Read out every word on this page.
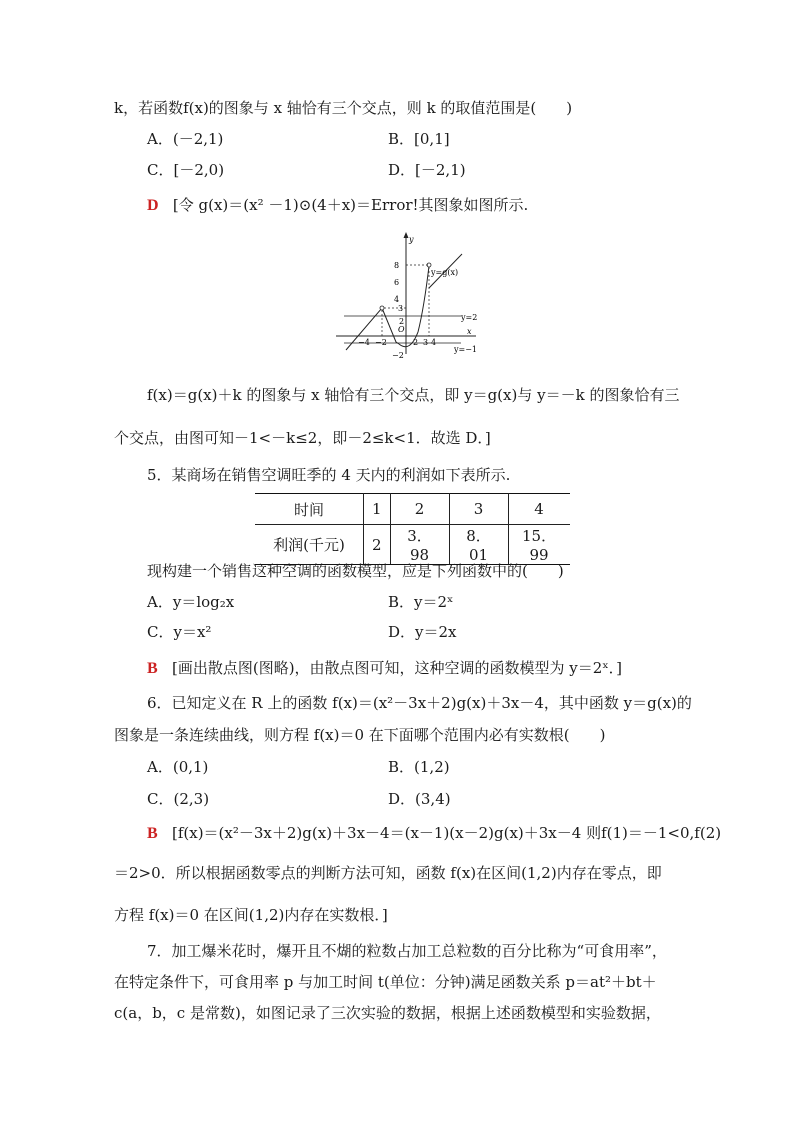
k，若函数f(x)的图象与 x 轴恰有三个交点，则 k 的取值范围是(　　)
A．(－2,1)	B．[0,1]
C．[－2,0)	D．[－2,1)
D [令 g(x)＝(x² －1)⊙(4＋x)＝Error!其图象如图所示.
y
x
O
y=2
y=−1
y=g(x)
8
6
4
3
2
−2
−4 −2	2 3 4
f(x)＝g(x)＋k 的图象与 x 轴恰有三个交点，即 y＝g(x)与 y＝－k 的图象恰有三
个交点，由图可知－1<－k≤2，即－2≤k<1．故选 D．]
5．某商场在销售空调旺季的 4 天内的利润如下表所示.
时间	1	2	3	4
利润(千元)	2	3．98	8．01	15．99
现构建一个销售这种空调的函数模型，应是下列函数中的(　　)
A．y＝log₂x	B．y＝2ˣ
C．y＝x²	D．y＝2x
B [画出散点图(图略)，由散点图可知，这种空调的函数模型为 y＝2ˣ．]
6．已知定义在 R 上的函数 f(x)＝(x²－3x＋2)g(x)＋3x－4，其中函数 y＝g(x)的
图象是一条连续曲线，则方程 f(x)＝0 在下面哪个范围内必有实数根(　　)
A．(0,1)	B．(1,2)
C．(2,3)	D．(3,4)
B [f(x)＝(x²－3x＋2)g(x)＋3x－4＝(x－1)(x－2)g(x)＋3x－4 则f(1)＝－1<0,f(2)
＝2>0．所以根据函数零点的判断方法可知，函数 f(x)在区间(1,2)内存在零点，即
方程 f(x)＝0 在区间(1,2)内存在实数根．]
7．加工爆米花时，爆开且不煳的粒数占加工总粒数的百分比称为“可食用率”，
在特定条件下，可食用率 p 与加工时间 t(单位：分钟)满足函数关系 p＝at²＋bt＋
c(a，b，c 是常数)，如图记录了三次实验的数据，根据上述函数模型和实验数据，
